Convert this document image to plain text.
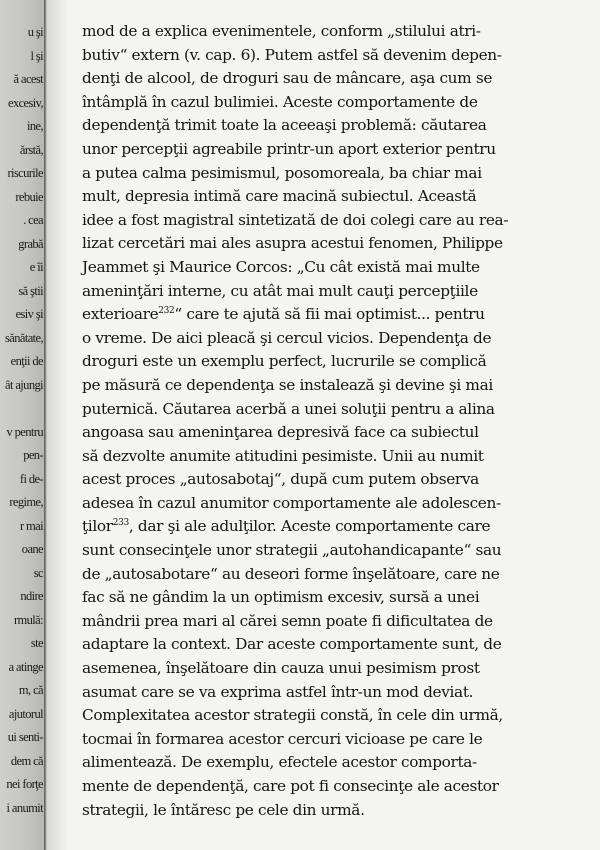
u şi
l şi
ă acest
excesiv,
ine,
ărstă,
riscurile
rebuie
. cea
grabă
e îi
să ştii
esiv şi
sănătate,
enţii de
ât ajungi
v pentru
pen-
fi de-
regime,
r mai
oane
sc
ndire
rmulă:
ste
a atinge
m, că
ajutorul
ui senti-
dem că
nei forţe
i anumit
mod de a explica evenimentele, conform „stilului atri-
butiv“ extern (v. cap. 6). Putem astfel să devenim depen-
denţi de alcool, de droguri sau de mâncare, aşa cum se
întâmplă în cazul bulimiei. Aceste comportamente de
dependenţă trimit toate la aceeaşi problemă: căutarea
unor percepţii agreabile printr-un aport exterior pentru
a putea calma pesimismul, posomoreala, ba chiar mai
mult, depresia intimă care macină subiectul. Această
idee a fost magistral sintetizată de doi colegi care au rea-
lizat cercetări mai ales asupra acestui fenomen, Philippe
Jeammet şi Maurice Corcos: „Cu cât există mai multe
ameninţări interne, cu atât mai mult cauţi percepţiile
exterioare$^{232}$“ care te ajută să fii mai optimist... pentru
o vreme. De aici pleacă şi cercul vicios. Dependenţa de
droguri este un exemplu perfect, lucrurile se complică
pe măsură ce dependenţa se instalează şi devine şi mai
puternică. Căutarea acerbă a unei soluţii pentru a alina
angoasa sau ameninţarea depresivă face ca subiectul
să dezvolte anumite atitudini pesimiste. Unii au numit
acest proces „autosabotaj“, după cum putem observa
adesea în cazul anumitor comportamente ale adolescen-
ţilor$^{233}$, dar şi ale adulţilor. Aceste comportamente care
sunt consecinţele unor strategii „autohandicapante“ sau
de „autosabotare“ au deseori forme înşelătoare, care ne
fac să ne gândim la un optimism excesiv, sursă a unei
mândrii prea mari al cărei semn poate fi dificultatea de
adaptare la context. Dar aceste comportamente sunt, de
asemenea, înşelătoare din cauza unui pesimism prost
asumat care se va exprima astfel într-un mod deviat.
Complexitatea acestor strategii constă, în cele din urmă,
tocmai în formarea acestor cercuri vicioase pe care le
alimentează. De exemplu, efectele acestor comporta-
mente de dependenţă, care pot fi consecinţe ale acestor
strategii, le întăresc pe cele din urmă.
